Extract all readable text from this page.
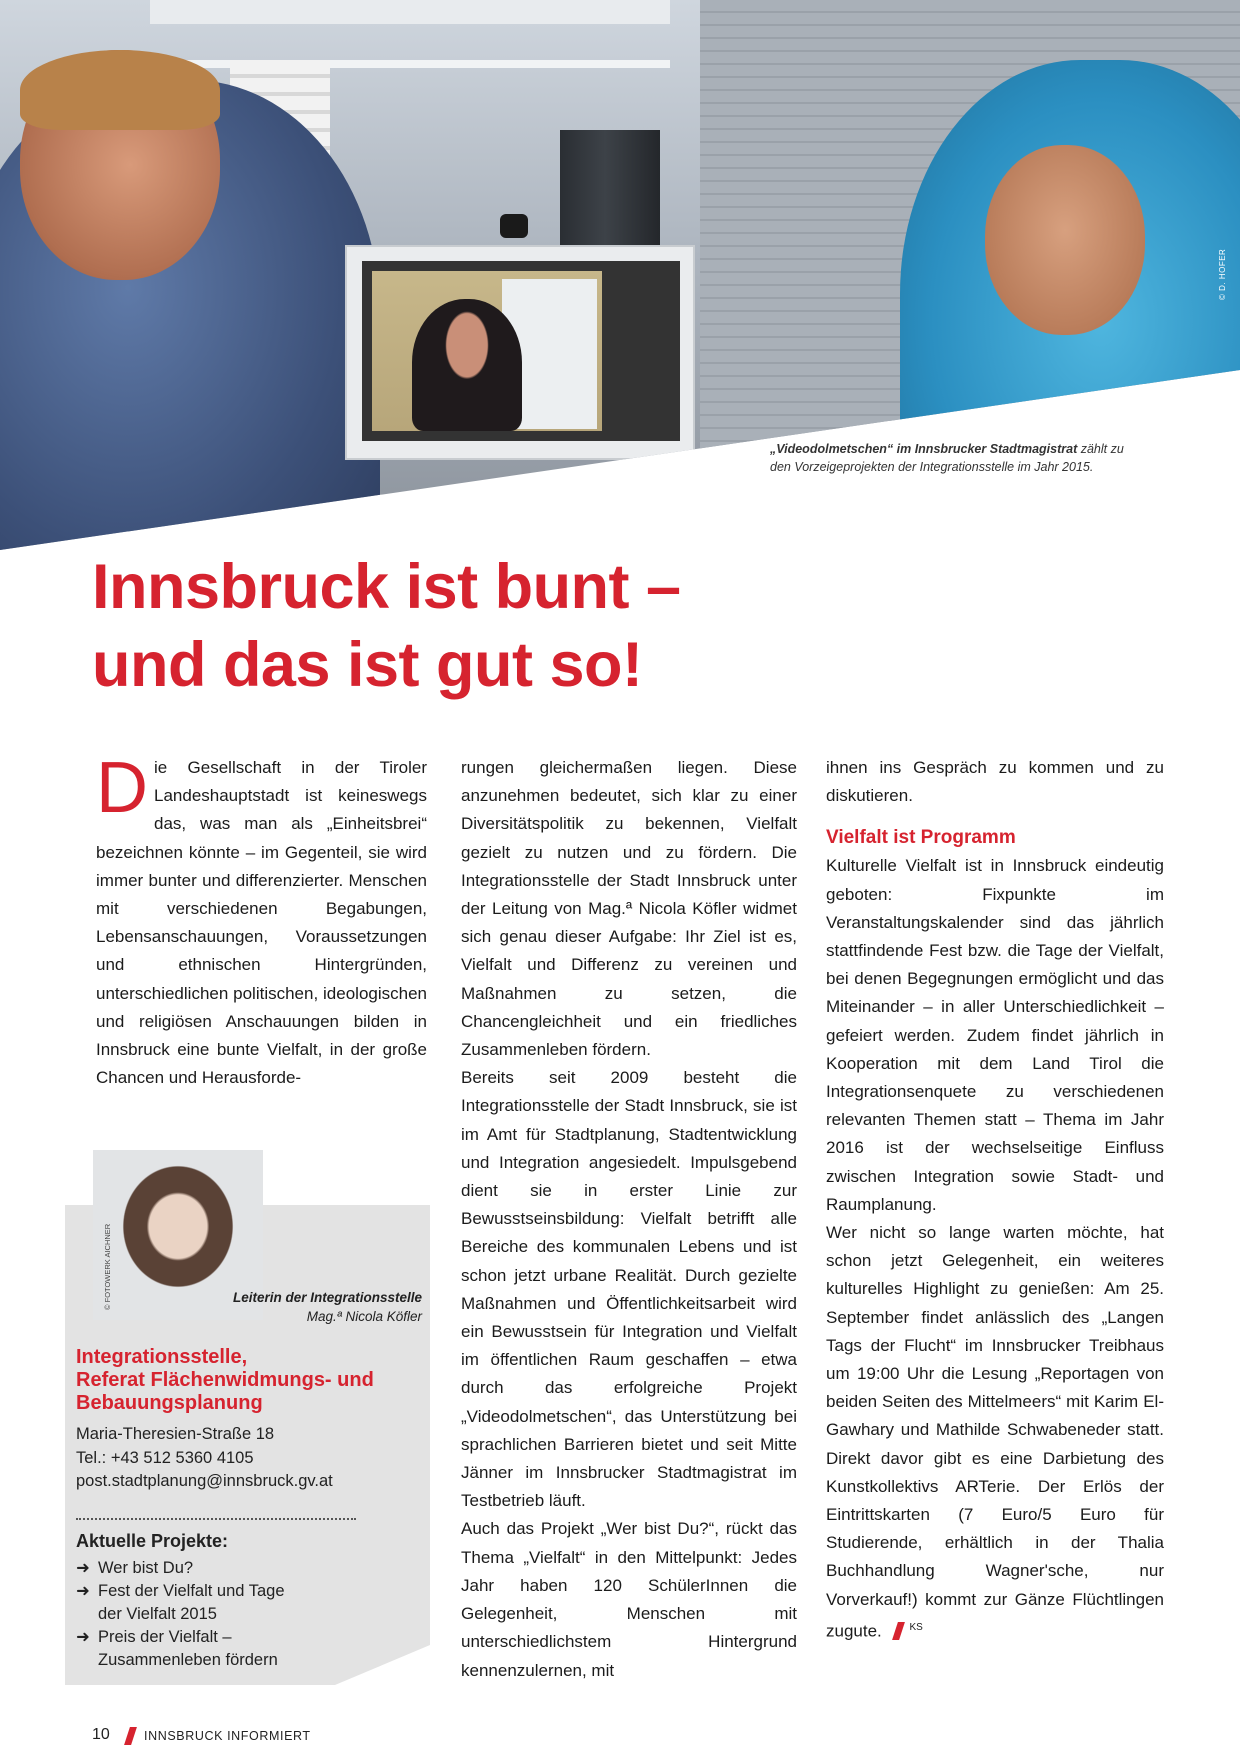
© D. HOFER
„Videodolmetschen“ im Innsbrucker Stadtmagistrat zählt zu
den Vorzeigeprojekten der Integrationsstelle im Jahr 2015.
Innsbruck ist bunt –
und das ist gut so!

Die Gesellschaft in der Tiroler Landeshauptstadt ist keineswegs das, was man als „Einheitsbrei“ bezeichnen könnte – im Gegenteil, sie wird immer bunter und differenzierter. Menschen mit verschiedenen Begabungen, Lebensanschauungen, Voraussetzungen und ethnischen Hintergründen, unterschiedlichen politischen, ideologischen und religiösen Anschauungen bilden in Innsbruck eine bunte Vielfalt, in der große Chancen und Herausforde-

© FOTOWERK AICHNER	Leiterin der Integrationsstelle
Mag.ª Nicola Köfler
Integrationsstelle,
Referat Flächenwidmungs- und
Bebauungsplanung
Maria-Theresien-Straße 18
Tel.: +43 512 5360 4105
post.stadtplanung@innsbruck.gv.at
Aktuelle Projekte:
➜ Wer bist Du?
➜ Fest der Vielfalt und Tage
der Vielfalt 2015
➜ Preis der Vielfalt –
Zusammenleben fördern

rungen gleichermaßen liegen. Diese anzunehmen bedeutet, sich klar zu einer Diversitätspolitik zu bekennen, Vielfalt gezielt zu nutzen und zu fördern. Die Integrationsstelle der Stadt Innsbruck unter der Leitung von Mag.ª Nicola Köfler widmet sich genau dieser Aufgabe: Ihr Ziel ist es, Vielfalt und Differenz zu vereinen und Maßnahmen zu setzen, die Chancengleichheit und ein friedliches Zusammenleben fördern.

Bereits seit 2009 besteht die Integrationsstelle der Stadt Innsbruck, sie ist im Amt für Stadtplanung, Stadtentwicklung und Integration angesiedelt. Impulsgebend dient sie in erster Linie zur Bewusstseinsbildung: Vielfalt betrifft alle Bereiche des kommunalen Lebens und ist schon jetzt urbane Realität. Durch gezielte Maßnahmen und Öffentlichkeitsarbeit wird ein Bewusstsein für Integration und Vielfalt im öffentlichen Raum geschaffen – etwa durch das erfolgreiche Projekt „Videodolmetschen“, das Unterstützung bei sprachlichen Barrieren bietet und seit Mitte Jänner im Innsbrucker Stadtmagistrat im Testbetrieb läuft.

Auch das Projekt „Wer bist Du?“, rückt das Thema „Vielfalt“ in den Mittelpunkt: Jedes Jahr haben 120 SchülerInnen die Gelegenheit, Menschen mit unterschiedlichstem Hintergrund kennenzulernen, mit

ihnen ins Gespräch zu kommen und zu diskutieren.

Vielfalt ist Programm

Kulturelle Vielfalt ist in Innsbruck eindeutig geboten: Fixpunkte im Veranstaltungskalender sind das jährlich stattfindende Fest bzw. die Tage der Vielfalt, bei denen Begegnungen ermöglicht und das Miteinander – in aller Unterschiedlichkeit – gefeiert werden. Zudem findet jährlich in Kooperation mit dem Land Tirol die Integrationsenquete zu verschiedenen relevanten Themen statt – Thema im Jahr 2016 ist der wechselseitige Einfluss zwischen Integration sowie Stadt- und Raumplanung.

Wer nicht so lange warten möchte, hat schon jetzt Gelegenheit, ein weiteres kulturelles Highlight zu genießen: Am 25. September findet anlässlich des „Langen Tags der Flucht“ im Innsbrucker Treibhaus um 19:00 Uhr die Lesung „Reportagen von beiden Seiten des Mittelmeers“ mit Karim El-Gawhary und Mathilde Schwabeneder statt. Direkt davor gibt es eine Darbietung des Kunstkollektivs ARTerie. Der Erlös der Eintrittskarten (7 Euro/5 Euro für Studierende, erhältlich in der Thalia Buchhandlung Wagner'sche, nur Vorverkauf!) kommt zur Gänze Flüchtlingen zugute.	$^{KS}$

10	INNSBRUCK INFORMIERT
